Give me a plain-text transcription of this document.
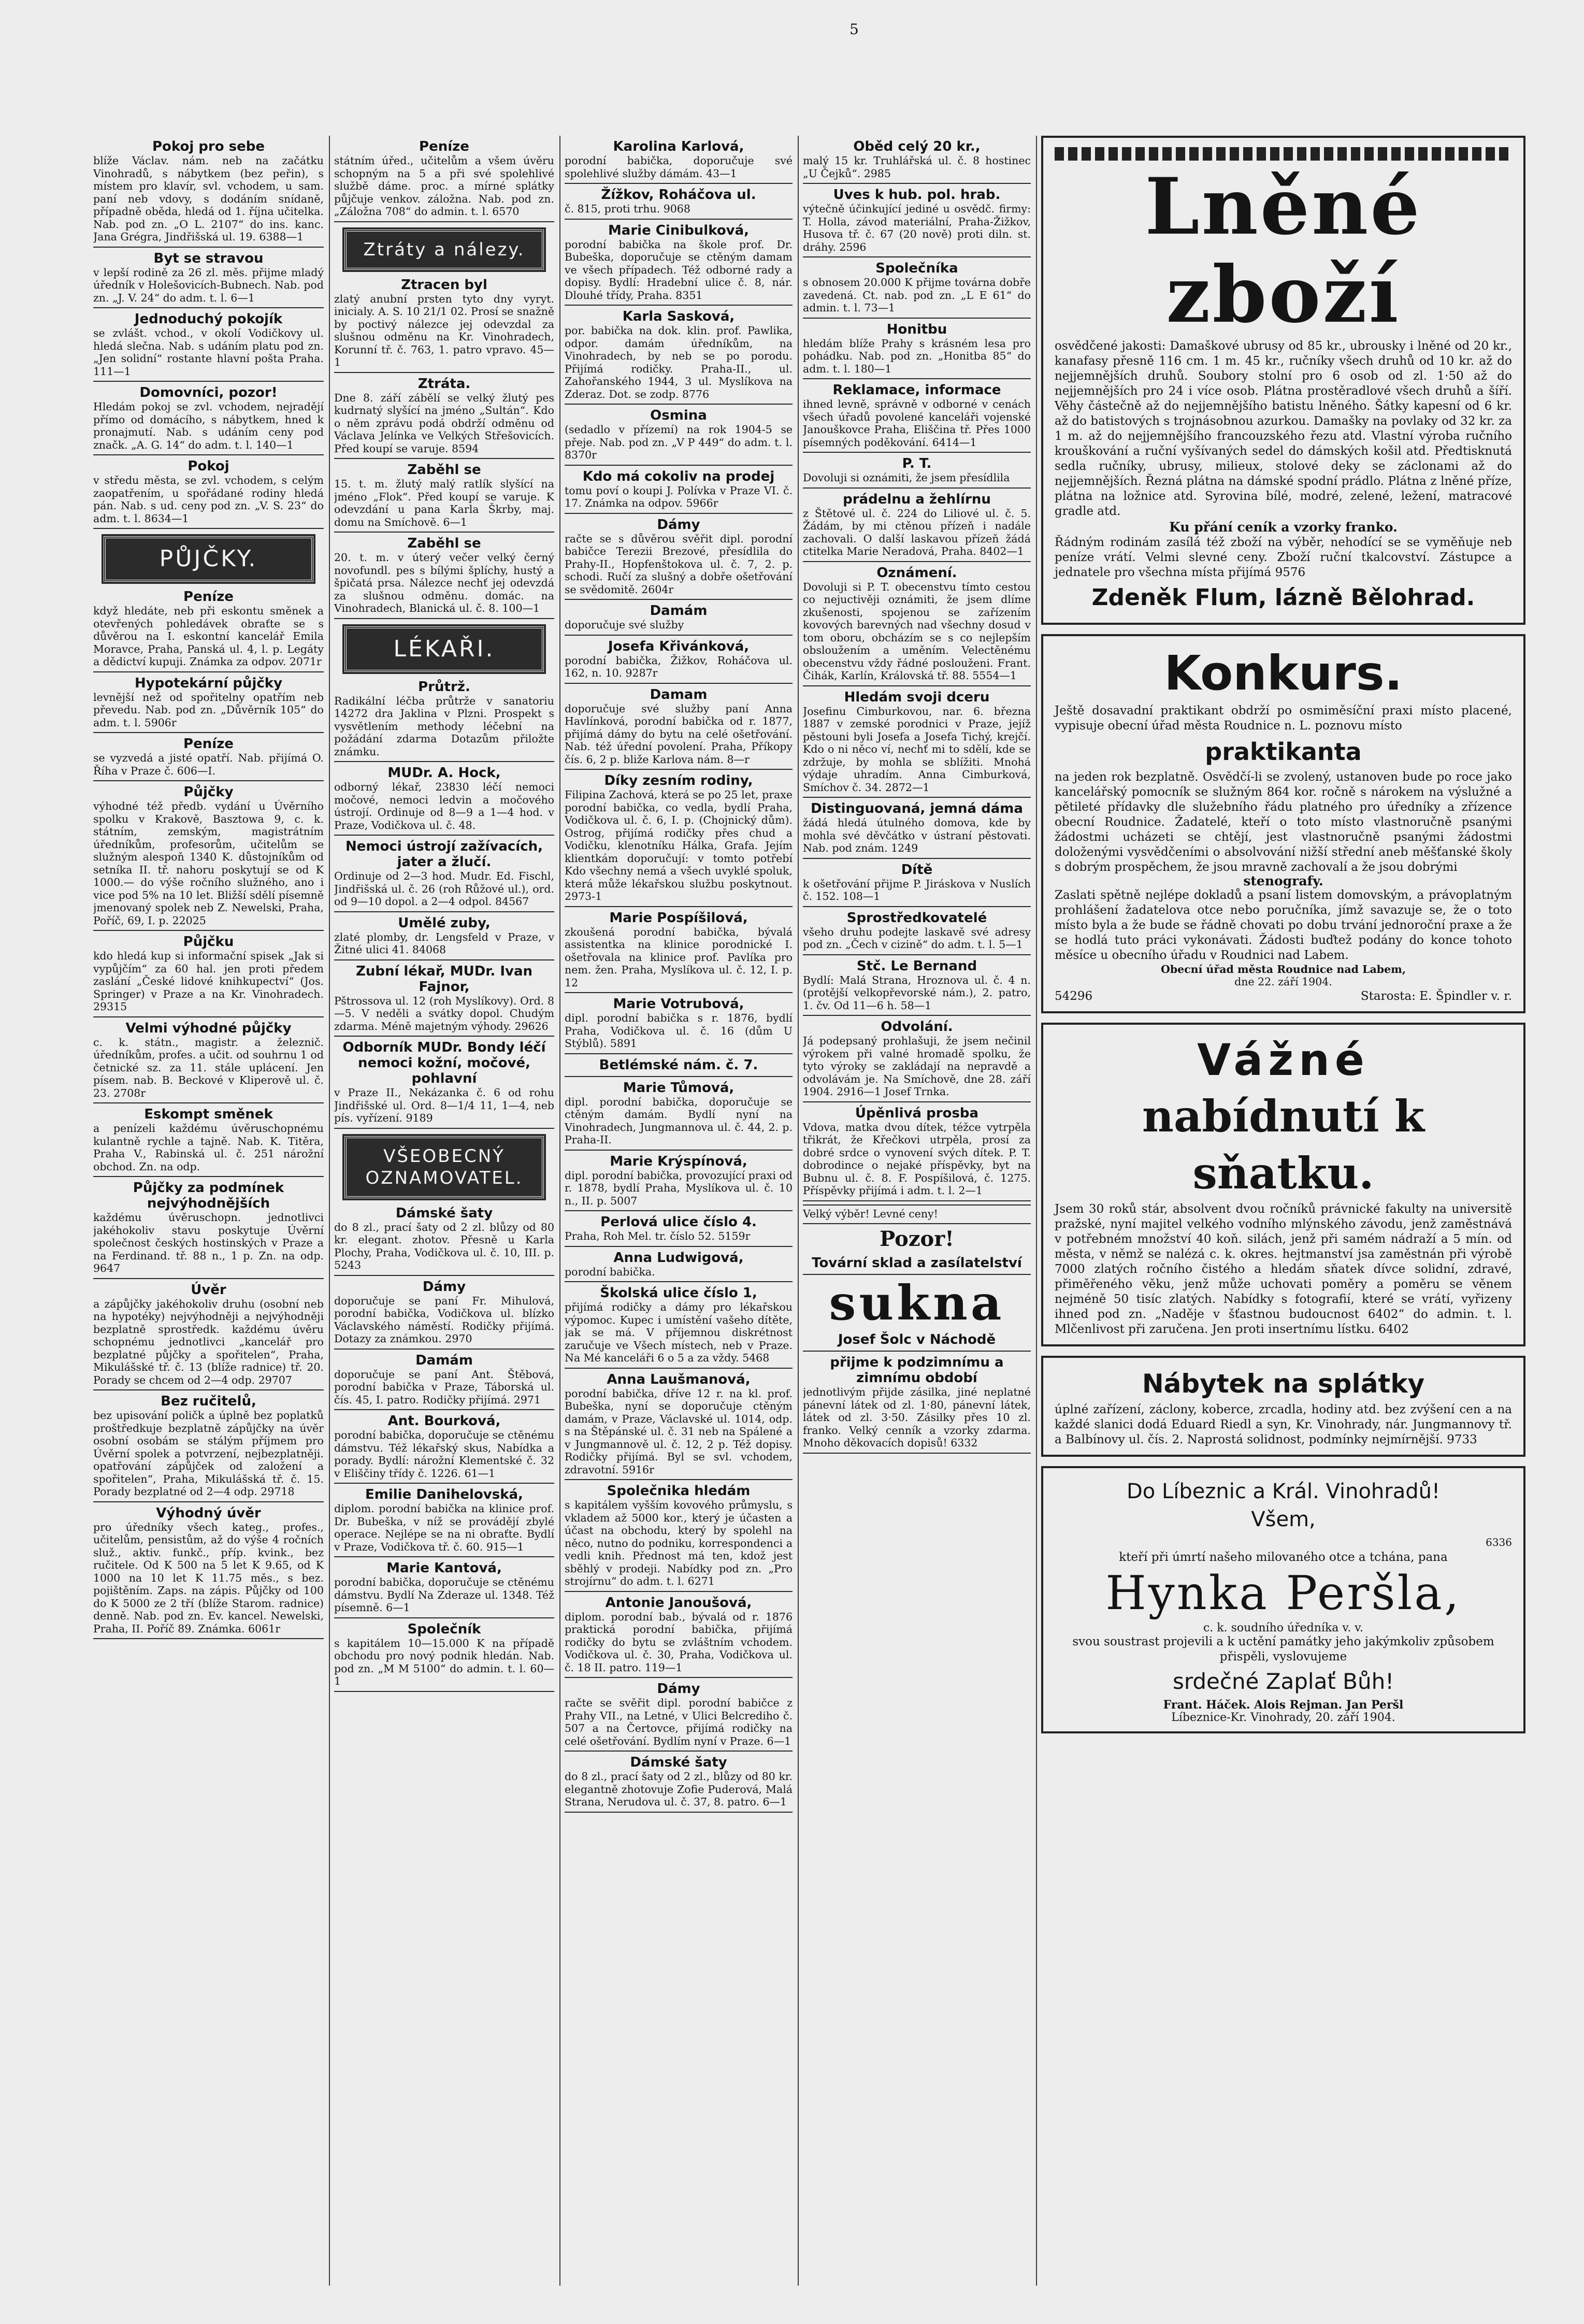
5
Pokoj pro sebe
blíže Václav. nám. neb na začátku Vinohradů, s nábytkem (bez peřin), s místem pro klavír, svl. vchodem, u sam. paní neb vdovy, s dodáním snídaně, případně oběda, hledá od 1. října učitelka. Nab. pod zn. „O L. 2107“ do ins. kanc. Jana Grégra, Jindřišská ul. 19. 6388—1
Byt se stravou
v lepší rodině za 26 zl. měs. přijme mladý úředník v Holešovicích-Bubnech. Nab. pod zn. „J. V. 24“ do adm. t. l. 6—1
Jednoduchý pokojík
se zvlášt. vchod., v okolí Vodičkovy ul. hledá slečna. Nab. s udáním platu pod zn. „Jen solidní“ rostante hlavní pošta Praha. 111—1
Domovníci, pozor!
Hledám pokoj se zvl. vchodem, nejradějí přímo od domácího, s nábytkem, hned k pronajmutí. Nab. s udáním ceny pod značk. „A. G. 14“ do adm. t. l. 140—1
Pokoj
v středu města, se zvl. vchodem, s celým zaopatřením, u spořádané rodiny hledá pán. Nab. s ud. ceny pod zn. „V. S. 23“ do adm. t. l. 8634—1
PŮJČKY.
Peníze
když hledáte, neb při eskontu směnek a otevřených pohledávek obraťte se s důvěrou na I. eskontní kancelář Emila Moravce, Praha, Panská ul. 4, l. p. Legáty a dědictví kupuji. Známka za odpov. 2071r
Hypotekární půjčky
levnější než od spořitelny opatřím neb převedu. Nab. pod zn. „Důvěrník 105“ do adm. t. l. 5906r
Peníze
se vyzvedá a jisté opatří. Nab. přijímá O. Říha v Praze č. 606—I.
Půjčky
výhodné též předb. vydání u Úvěrního spolku v Krakově, Basztowa 9, c. k. státním, zemským, magistrátním úředníkům, profesorům, učitelům se služným alespoň 1340 K. důstojníkům od setníka II. tř. nahoru poskytují se od K 1000.— do výše ročního služného, ano i vice pod 5% na 10 let. Bližší sdělí písemně jmenovaný spolek neb Z. Newelski, Praha, Poříč, 69, I. p. 22025
Půjčku
kdo hledá kup si informační spisek „Jak si vypůjčím“ za 60 hal. jen proti předem zaslání „České lidové knihkupectví“ (Jos. Springer) v Praze a na Kr. Vinohradech. 29315
Velmi výhodné půjčky
c. k. státn., magistr. a železnič. úředníkům, profes. a učit. od souhrnu 1 od četnické sz. za 11. stále uplácení. Jen písem. nab. B. Beckové v Kliperově ul. č. 23. 2708r
Eskompt směnek
a penízeli každému úvěruschopnému kulantně rychle a tajně. Nab. K. Titěra, Praha V., Rabinská ul. č. 251 nárožní obchod. Zn. na odp.
Půjčky za podmínek nejvýhodnějších
každému úvěruschopn. jednotlivci jakéhokoliv stavu poskytuje Úvěrní společnost českých hostinských v Praze a na Ferdinand. tř. 88 n., 1 p. Zn. na odp. 9647
Úvěr
a zápůjčky jakéhokoliv druhu (osobní neb na hypotéky) nejvýhodněji a nejvýhodněji bezplatně sprostředk. každému úvěru schopnému jednotlivci „kancelář pro bezplatné půjčky a spořitelen“, Praha, Mikulášské tř. č. 13 (blíže radnice) tř. 20. Porady se chcem od 2—4 odp. 29707
Bez ručitelů,
bez upisování poličk a úplně bez poplatků proštředkuje bezplatně zápůjčky na úvěr osobní osobám se stálým příjmem pro Úvěrní spolek a potvrzení, nejbezplatněji. opatřování zápůjček od založení a spořitelen“, Praha, Mikulášská tř. č. 15. Porady bezplatné od 2—4 odp. 29718
Výhodný úvěr
pro úředníky všech kateg., profes., učitelům, pensistům, až do výše 4 ročních služ., aktiv. funkč., příp. kvink., bez ručitele. Od K 500 na 5 let K 9.65, od K 1000 na 10 let K 11.75 měs., s bez. pojištěním. Zaps. na zápis. Půjčky od 100 do K 5000 ze 2 tří (blíže Starom. radnice) denně. Nab. pod zn. Ev. kancel. Newelski, Praha, II. Poříč 89. Známka. 6061r
Peníze
státním úřed., učitelům a všem úvěru schopným na 5 a při své spolehlivé službě dáme. proc. a mírné splátky půjčuje venkov. záložna. Nab. pod zn. „Záložna 708“ do admin. t. l. 6570
Ztráty a nálezy.
Ztracen byl
zlatý anubní prsten tyto dny vyryt. inicialy. A. S. 10 21/1 02. Prosí se snažně by poctivý nálezce jej odevzdal za slušnou odměnu na Kr. Vinohradech, Korunní tř. č. 763, 1. patro vpravo. 45—1
Ztráta.
Dne 8. září zábělí se velký žlutý pes kudrnatý slyšící na jméno „Sultán“. Kdo o něm zprávu podá obdrží odměnu od Václava Jelínka ve Velkých Střešovicích. Před koupí se varuje. 8594
Zaběhl se
15. t. m. žlutý malý ratlík slyšící na jméno „Flok“. Před koupí se varuje. K odevzdání u pana Karla Škrby, maj. domu na Smíchově. 6—1
Zaběhl se
20. t. m. v úterý večer velký černý novofundl. pes s bílými šplíchy, hustý a špičatá prsa. Nálezce nechť jej odevzdá za slušnou odměnu. domác. na Vinohradech, Blanická ul. č. 8. 100—1
LÉKAŘI.
Průtrž.
Radikální léčba průtrže v sanatoriu 14272 dra Jaklina v Plzni. Prospekt s vysvětlením methody léčební na požádání zdarma Dotazům přiložte známku.
MUDr. A. Hock,
odborný lékař, 23830 léčí nemoci močové, nemoci ledvin a močového ústrojí. Ordinuje od 8—9 a 1—4 hod. v Praze, Vodičkova ul. č. 48.
Nemoci ústrojí zažívacích, jater a žlučí.
Ordinuje od 2—3 hod. Mudr. Ed. Fischl, Jindřišská ul. č. 26 (roh Růžové ul.), ord. od 9—10 dopol. a 2—4 odpol. 84567
Umělé zuby,
zlaté plomby, dr. Lengsfeld v Praze, v Žitné ulici 41. 84068
Zubní lékař, MUDr. Ivan Fajnor,
Pštrossova ul. 12 (roh Myslíkovy). Ord. 8—5. V neděli a svátky dopol. Chudým zdarma. Méně majetným výhody. 29626
Odborník MUDr. Bondy léčí nemoci kožní, močové, pohlavní
v Praze II., Nekázanka č. 6 od rohu Jindřišské ul. Ord. 8—1/4 11, 1—4, neb pís. vyřízení. 9189
VŠEOBECNÝ OZNAMOVATEL.
Dámské šaty
do 8 zl., prací šaty od 2 zl. blůzy od 80 kr. elegant. zhotov. Přesně u Karla Plochy, Praha, Vodičkova ul. č. 10, III. p. 5243
Dámy
doporučuje se paní Fr. Mihulová, porodní babička, Vodičkova ul. blízko Václavského náměstí. Rodičky přijímá. Dotazy za známkou. 2970
Damám
doporučuje se paní Ant. Štěbová, porodní babička v Praze, Táborská ul. čís. 45, I. patro. Rodičky přijímá. 2971
Ant. Bourková,
porodní babička, doporučuje se ctěnému dámstvu. Též lékařský skus, Nabídka a porady. Bydlí: nárožní Klementské č. 32 v Eliščiny třídy č. 1226. 61—1
Emilie Danihelovská,
diplom. porodní babička na klinice prof. Dr. Bubeška, v níž se provádějí zbylé operace. Nejlépe se na ni obraťte. Bydlí v Praze, Vodičkova tř. č. 60. 915—1
Marie Kantová,
porodní babička, doporučuje se ctěnému dámstvu. Bydlí Na Zderaze ul. 1348. Též písemně. 6—1
Společník
s kapitálem 10—15.000 K na případě obchodu pro nový podnik hledán. Nab. pod zn. „M M 5100“ do admin. t. l. 60—1
Karolina Karlová,
porodní babička, doporučuje své spolehlivé služby dámám. 43—1
Žížkov, Roháčova ul.
č. 815, proti trhu. 9068
Marie Cinibulková,
porodní babička na škole prof. Dr. Bubeška, doporučuje se ctěným damam ve všech případech. Též odborné rady a dopisy. Bydlí: Hradební ulice č. 8, nár. Dlouhé třídy, Praha. 8351
Karla Sasková,
por. babička na dok. klin. prof. Pawlika, odpor. damám úředníkům, na Vinohradech, by neb se po porodu. Přijímá rodičky. Praha-II., ul. Zahořanského 1944, 3 ul. Myslíkova na Zderaz. Dot. se zodp. 8776
Osmina
(sedadlo v přízemí) na rok 1904-5 se přeje. Nab. pod zn. „V P 449“ do adm. t. l. 8370r
Kdo má cokoliv na prodej
tomu poví o koupi J. Polívka v Praze VI. č. 17. Známka na odpov. 5966r
Dámy
račte se s důvěrou svěřit dipl. porodní babičce Terezii Brezové, přesídlila do Prahy-II., Hopfenštokova ul. č. 7, 2. p. schodi. Ručí za slušný a dobře ošetřování se svědomitě. 2604r
Damám
doporučuje své služby
Josefa Křivánková,
porodní babička, Žižkov, Roháčova ul. 162, n. 10. 9287r
Damam
doporučuje své služby paní Anna Havlínková, porodní babička od r. 1877, přijímá dámy do bytu na celé ošetřování. Nab. též úřední povolení. Praha, Příkopy čís. 6, 2 p. bliže Karlova nám. 8—r
Díky zesním rodiny,
Filipina Zachová, která se po 25 let, praxe porodní babička, co vedla, bydlí Praha, Vodičkova ul. č. 6, I. p. (Chojnický dům). Ostrog, přijímá rodičky přes chud a Vodičku, klenotníku Hálka, Grafa. Jejím klientkám doporučují: v tomto potřebí Kdo všechny nemá a všech uvyklé spoluk, která může lékařskou službu poskytnout. 2973-1
Marie Pospíšilová,
zkoušená porodní babička, bývalá assistentka na klinice porodnické I. ošetřovala na klinice prof. Pavlíka pro nem. žen. Praha, Myslíkova ul. č. 12, I. p. 12
Marie Votrubová,
dipl. porodní babička s r. 1876, bydlí Praha, Vodičkova ul. č. 16 (dům U Stýblů). 5891
Betlémské nám. č. 7.
Marie Tůmová,
dipl. porodní babička, doporučuje se ctěným damám. Bydlí nyní na Vinohradech, Jungmannova ul. č. 44, 2. p. Praha-II.
Marie Krýspínová,
dipl. porodní babička, provozující praxi od r. 1878, bydlí Praha, Myslíkova ul. č. 10 n., II. p. 5007
Perlová ulice číslo 4.
Praha, Roh Mel. tr. číslo 52. 5159r
Anna Ludwigová,
porodní babička.
Školská ulice číslo 1,
přijímá rodičky a dámy pro lékařskou výpomoc. Kupec i umístění vašeho dítěte, jak se má. V příjemnou diskrétnost zaručuje ve Všech místech, neb v Praze. Na Mé kanceláři 6 o 5 a za vždy. 5468
Anna Laušmanová,
porodní babička, dříve 12 r. na kl. prof. Bubeška, nyní se doporučuje ctěným damám, v Praze, Václavské ul. 1014, odp. s na Štěpánské ul. č. 31 neb na Spálené a v Jungmannově ul. č. 12, 2 p. Též dopisy. Rodičky přijímá. Byl se svl. vchodem, zdravotní. 5916r
Společnika hledám
s kapitálem vyšším kovového průmyslu, s vkladem až 5000 kor., který je účasten a účast na obchodu, který by spolehl na něco, nutno do podniku, korrespondenci a vedli knih. Přednost má ten, kdož jest sběhlý v prodeji. Nabídky pod zn. „Pro strojírnu“ do adm. t. l. 6271
Antonie Janoušová,
diplom. porodní bab., bývalá od r. 1876 praktická porodní babička, přijímá rodičky do bytu se zvláštním vchodem. Vodičkova ul. č. 30, Praha, Vodičkova ul. č. 18 II. patro. 119—1
Dámy
račte se svěřit dipl. porodní babičce z Prahy VII., na Letné, v Ulici Belcrediho č. 507 a na Čertovce, přijímá rodičky na celé ošetřování. Bydlím nyní v Praze. 6—1
Dámské šaty
do 8 zl., prací šaty od 2 zl., blůzy od 80 kr. elegantně zhotovuje Zofie Puderová, Malá Strana, Nerudova ul. č. 37, 8. patro. 6—1
Oběd celý 20 kr.,
malý 15 kr. Truhlářská ul. č. 8 hostinec „U Čejků“. 2985
Uves k hub. pol. hrab.
výtečně účinkující jediné u osvědč. firmy: T. Holla, závod materiální, Praha-Žižkov, Husova tř. č. 67 (20 nově) proti diln. st. dráhy. 2596
Společníka
s obnosem 20.000 K přijme továrna dobře zavedená. Ct. nab. pod zn. „L E 61“ do admin. t. l. 73—1
Honitbu
hledám blíže Prahy s krásném lesa pro pohádku. Nab. pod zn. „Honitba 85“ do adm. t. l. 180—1
Reklamace, informace
ihned levně, správně v odborné v cenách všech úřadů povolené kanceláři vojenské Janouškovce Praha, Eliščina tř. Přes 1000 písemných poděkování. 6414—1
P. T.
Dovoluji si oznámiti, že jsem přesídlila
prádelnu a žehlírnu
z Štětové ul. č. 224 do Liliové ul. č. 5. Žádám, by mi ctěnou přízeň i nadále zachovali. O další laskavou přízeň žádá ctitelka Marie Neradová, Praha. 8402—1
Oznámení.
Dovoluji si P. T. obecenstvu tímto cestou co nejuctivěji oznámiti, že jsem dlíme zkušenosti, spojenou se zařízením kovových barevných nad všechny dosud v tom oboru, obcházím se s co nejlepším obsloužením a uměním. Velectěnému obecenstvu vždy řádné poslouženi. Frant. Čihák, Karlín, Královská tř. 88. 5554—1
Hledám svoji dceru
Josefinu Cimburkovou, nar. 6. března 1887 v zemské porodnici v Praze, jejíž pěstouni byli Josefa a Josefa Tichý, krejčí. Kdo o ni něco ví, nechť mi to sdělí, kde se zdržuje, by mohla se sblížiti. Mnohá výdaje uhradím. Anna Cimburková, Smíchov č. 34. 2872—1
Distinguovaná, jemná dáma
žádá hledá útulného domova, kde by mohla své děvčátko v ústraní pěstovati. Nab. pod znám. 1249
Dítě
k ošetřování přijme P. Jiráskova v Nuslích č. 152. 108—1
Sprostředkovatelé
všeho druhu podejte laskavě své adresy pod zn. „Čech v cizině“ do adm. t. l. 5—1
Stč. Le Bernand
Bydlí: Malá Strana, Hroznova ul. č. 4 n. (protější velkopřevorské nám.), 2. patro, 1. čv. Od 11—6 h. 58—1
Odvolání.
Já podepsaný prohlašuji, že jsem nečinil výrokem při valné hromadě spolku, že tyto výroky se zakládají na nepravdě a odvolávám je. Na Smíchově, dne 28. září 1904. 2916—1 Josef Trnka.
Úpěnlivá prosba
Vdova, matka dvou dítek, téžce vytrpěla třikrát, že Křečkovi utrpěla, prosí za dobré srdce o vynovení svých dítek. P. T. dobrodince o nejaké příspěvky, byt na Bubnu ul. č. 8. F. Pospíšilová, č. 1275. Příspěvky přijímá i adm. t. l. 2—1
Velký výběr! Levné ceny!
Pozor!
Tovární sklad a zasílatelství
sukna
Josef Šolc v Náchodě
přijme k podzimnímu a zimnímu období
jednotlivým přijde zásilka, jiné neplatné pánevní látek od zl. 1·80, pánevní látek, látek od zl. 3·50. Zásilky přes 10 zl. franko. Velký cenník a vzorky zdarma. Mnoho děkovacích dopisů! 6332
Lněné zboží
osvědčené jakosti: Damaškové ubrusy od 85 kr., ubrousky i lněné od 20 kr., kanafasy přesně 116 cm. 1 m. 45 kr., ručníky všech druhů od 10 kr. až do nejjemnějších druhů. Soubory stolní pro 6 osob od zl. 1·50 až do nejjemnějších pro 24 i více osob. Plátna prostěradlové všech druhů a šíří. Věhy částečně až do nejjemnějšího batistu lněného. Šátky kapesní od 6 kr. až do batistových s trojnásobnou azurkou. Damašky na povlaky od 32 kr. za 1 m. až do nejjemnějšího francouzského řezu atd. Vlastní výroba ručního krouškování a ruční vyšívaných sedel do dámských košil atd. Předtisknutá sedla ručníky, ubrusy, milieux, stolové deky se záclonami až do nejjemnějších. Řezná plátna na dámské spodní prádlo. Plátna z lněné příze, plátna na ložnice atd. Syrovina bílé, modré, zelené, ležení, matracové gradle atd.
Ku přání ceník a vzorky franko.
Řádným rodinám zasílá též zboží na výběr, nehodící se se vyměňuje neb peníze vrátí. Velmi slevné ceny. Zboží ruční tkalcovství. Zástupce a jednatele pro všechna místa přijímá 9576
Zdeněk Flum, lázně Bělohrad.
Konkurs.
Ještě dosavadní praktikant obdrží po osmiměsíční praxi místo placené, vypisuje obecní úřad města Roudnice n. L. poznovu místo
praktikanta
na jeden rok bezplatně. Osvědčí-li se zvolený, ustanoven bude po roce jako kancelářský pomocník se služným 864 kor. ročně s nárokem na výslužné a pětileté přídavky dle služebního řádu platného pro úředníky a zřízence obecní Roudnice. Žadatelé, kteří o toto místo vlastnoručně psanými žádostmi ucházeti se chtějí, jest vlastnoručně psanými žádostmi doloženými vysvědčeními o absolvování nižší střední aneb měšťanské školy s dobrým prospěchem, že jsou mravně zachovalí a že jsou dobrými
stenografy.
Zaslati spětně nejlépe dokladů a psaní listem domovským, a právoplatným prohlášení žadatelova otce nebo poručníka, jímž savazuje se, že o toto místo byla a že bude se řádně chovati po dobu trvání jednoroční praxe a že se hodlá tuto práci vykonávati. Žádosti buďtež podány do konce tohoto měsíce u obecního úřadu v Roudnici nad Labem.
Obecní úřad města Roudnice nad Labem,
dne 22. září 1904.
54296	Starosta: E. Špindler v. r.
Vážné
nabídnutí k sňatku.
Jsem 30 roků stár, absolvent dvou ročníků právnické fakulty na universitě pražské, nyní majitel velkého vodního mlýnského závodu, jenž zaměstnává v potřebném množství 40 koň. silách, jenž při samém nádraží a 5 mín. od města, v němž se nalézá c. k. okres. hejtmanství jsa zaměstnán při výrobě 7000 zlatých ročního čistého a hledám sňatek dívce solidní, zdravé, přiměřeného věku, jenž může uchovati poměry a poměru se věnem nejméně 50 tisíc zlatých. Nabídky s fotografií, které se vrátí, vyřizeny ihned pod zn. „Naděje v šťastnou budoucnost 6402“ do admin. t. l. Mlčenlivost při zaručena. Jen proti insertnímu lístku. 6402
Nábytek na splátky
úplné zařízení, záclony, koberce, zrcadla, hodiny atd. bez zvýšení cen a na každé slanici dodá Eduard Riedl a syn, Kr. Vinohrady, nár. Jungmannovy tř. a Balbínovy ul. čís. 2. Naprostá solidnost, podmínky nejmírnější. 9733
Do Líbeznic a Král. Vinohradů!
Všem,
6336
kteří při úmrtí našeho milovaného otce a tchána, pana
Hynka Peršla,
c. k. soudního úředníka v. v.
svou soustrast projevili a k uctění památky jeho jakýmkoliv způsobem přispěli, vyslovujeme
srdečné Zaplať Bůh!
Frant. Háček. Alois Rejman. Jan Peršl
Líbeznice-Kr. Vinohrady, 20. září 1904.
